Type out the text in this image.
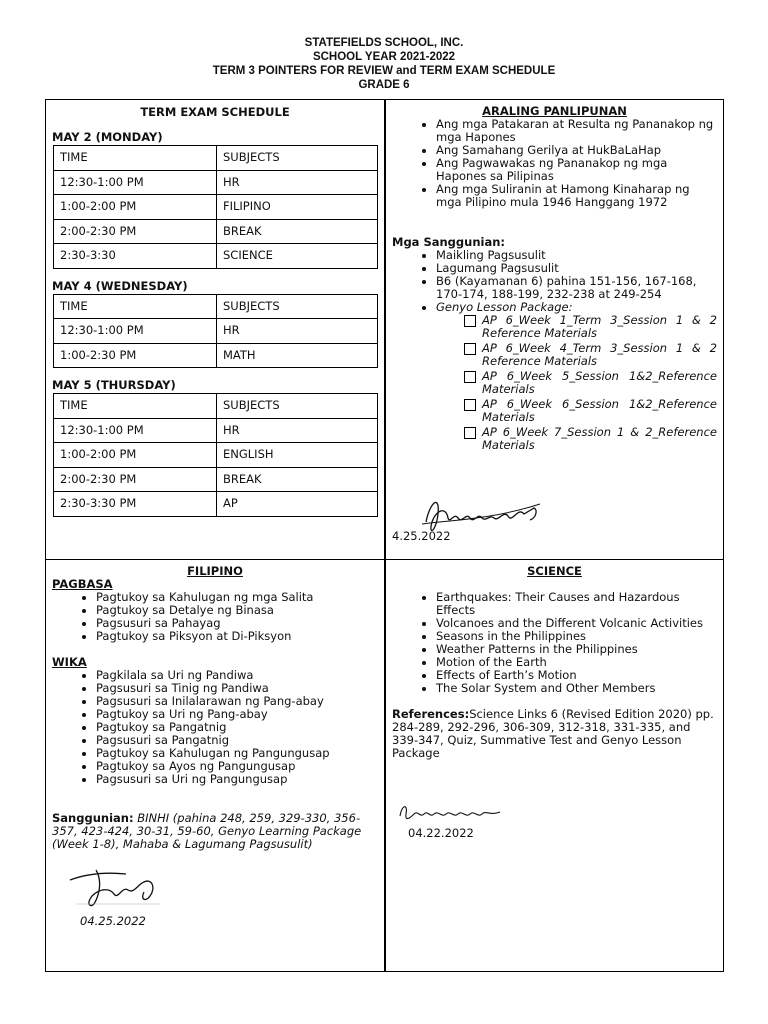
STATEFIELDS SCHOOL, INC.
SCHOOL YEAR 2021-2022
TERM 3 POINTERS FOR REVIEW and TERM EXAM SCHEDULE
GRADE 6
TERM EXAM SCHEDULE
MAY 2 (MONDAY)
TIME	SUBJECTS
12:30-1:00 PM	HR
1:00-2:00 PM	FILIPINO
2:00-2:30 PM	BREAK
2:30-3:30	SCIENCE
MAY 4 (WEDNESDAY)
TIME	SUBJECTS
12:30-1:00 PM	HR
1:00-2:30 PM	MATH
MAY 5 (THURSDAY)
TIME	SUBJECTS
12:30-1:00 PM	HR
1:00-2:00 PM	ENGLISH
2:00-2:30 PM	BREAK
2:30-3:30 PM	AP
ARALING PANLIPUNAN
• Ang mga Patakaran at Resulta ng Pananakop ng mga Hapones
• Ang Samahang Gerilya at HukBaLaHap
• Ang Pagwawakas ng Pananakop ng mga Hapones sa Pilipinas
• Ang mga Suliranin at Hamong Kinaharap ng mga Pilipino mula 1946 Hanggang 1972
Mga Sanggunian:
• Maikling Pagsusulit
• Lagumang Pagsusulit
• B6 (Kayamanan 6) pahina 151-156, 167-168, 170-174, 188-199, 232-238 at 249-254
• Genyo Lesson Package:
AP 6_Week 1_Term 3_Session 1 & 2 Reference Materials
AP 6_Week 4_Term 3_Session 1 & 2 Reference Materials
AP 6_Week 5_Session 1&2_Reference Materials
AP 6_Week 6_Session 1&2_Reference Materials
AP 6_Week 7_Session 1 & 2_Reference Materials
4.25.2022
FILIPINO
PAGBASA
• Pagtukoy sa Kahulugan ng mga Salita
• Pagtukoy sa Detalye ng Binasa
• Pagsusuri sa Pahayag
• Pagtukoy sa Piksyon at Di-Piksyon
WIKA
• Pagkilala sa Uri ng Pandiwa
• Pagsusuri sa Tinig ng Pandiwa
• Pagsusuri sa Inilalarawan ng Pang-abay
• Pagtukoy sa Uri ng Pang-abay
• Pagtukoy sa Pangatnig
• Pagsusuri sa Pangatnig
• Pagtukoy sa Kahulugan ng Pangungusap
• Pagtukoy sa Ayos ng Pangungusap
• Pagsusuri sa Uri ng Pangungusap

Sanggunian: BINHI (pahina 248, 259, 329-330, 356-357, 423-424, 30-31, 59-60, Genyo Learning Package (Week 1-8), Mahaba & Lagumang Pagsusulit)

04.25.2022
SCIENCE
• Earthquakes: Their Causes and Hazardous Effects
• Volcanoes and the Different Volcanic Activities
• Seasons in the Philippines
• Weather Patterns in the Philippines
• Motion of the Earth
• Effects of Earth’s Motion
• The Solar System and Other Members

References:Science Links 6 (Revised Edition 2020) pp. 284-289, 292-296, 306-309, 312-318, 331-335, and 339-347, Quiz, Summative Test and Genyo Lesson Package

04.22.2022
